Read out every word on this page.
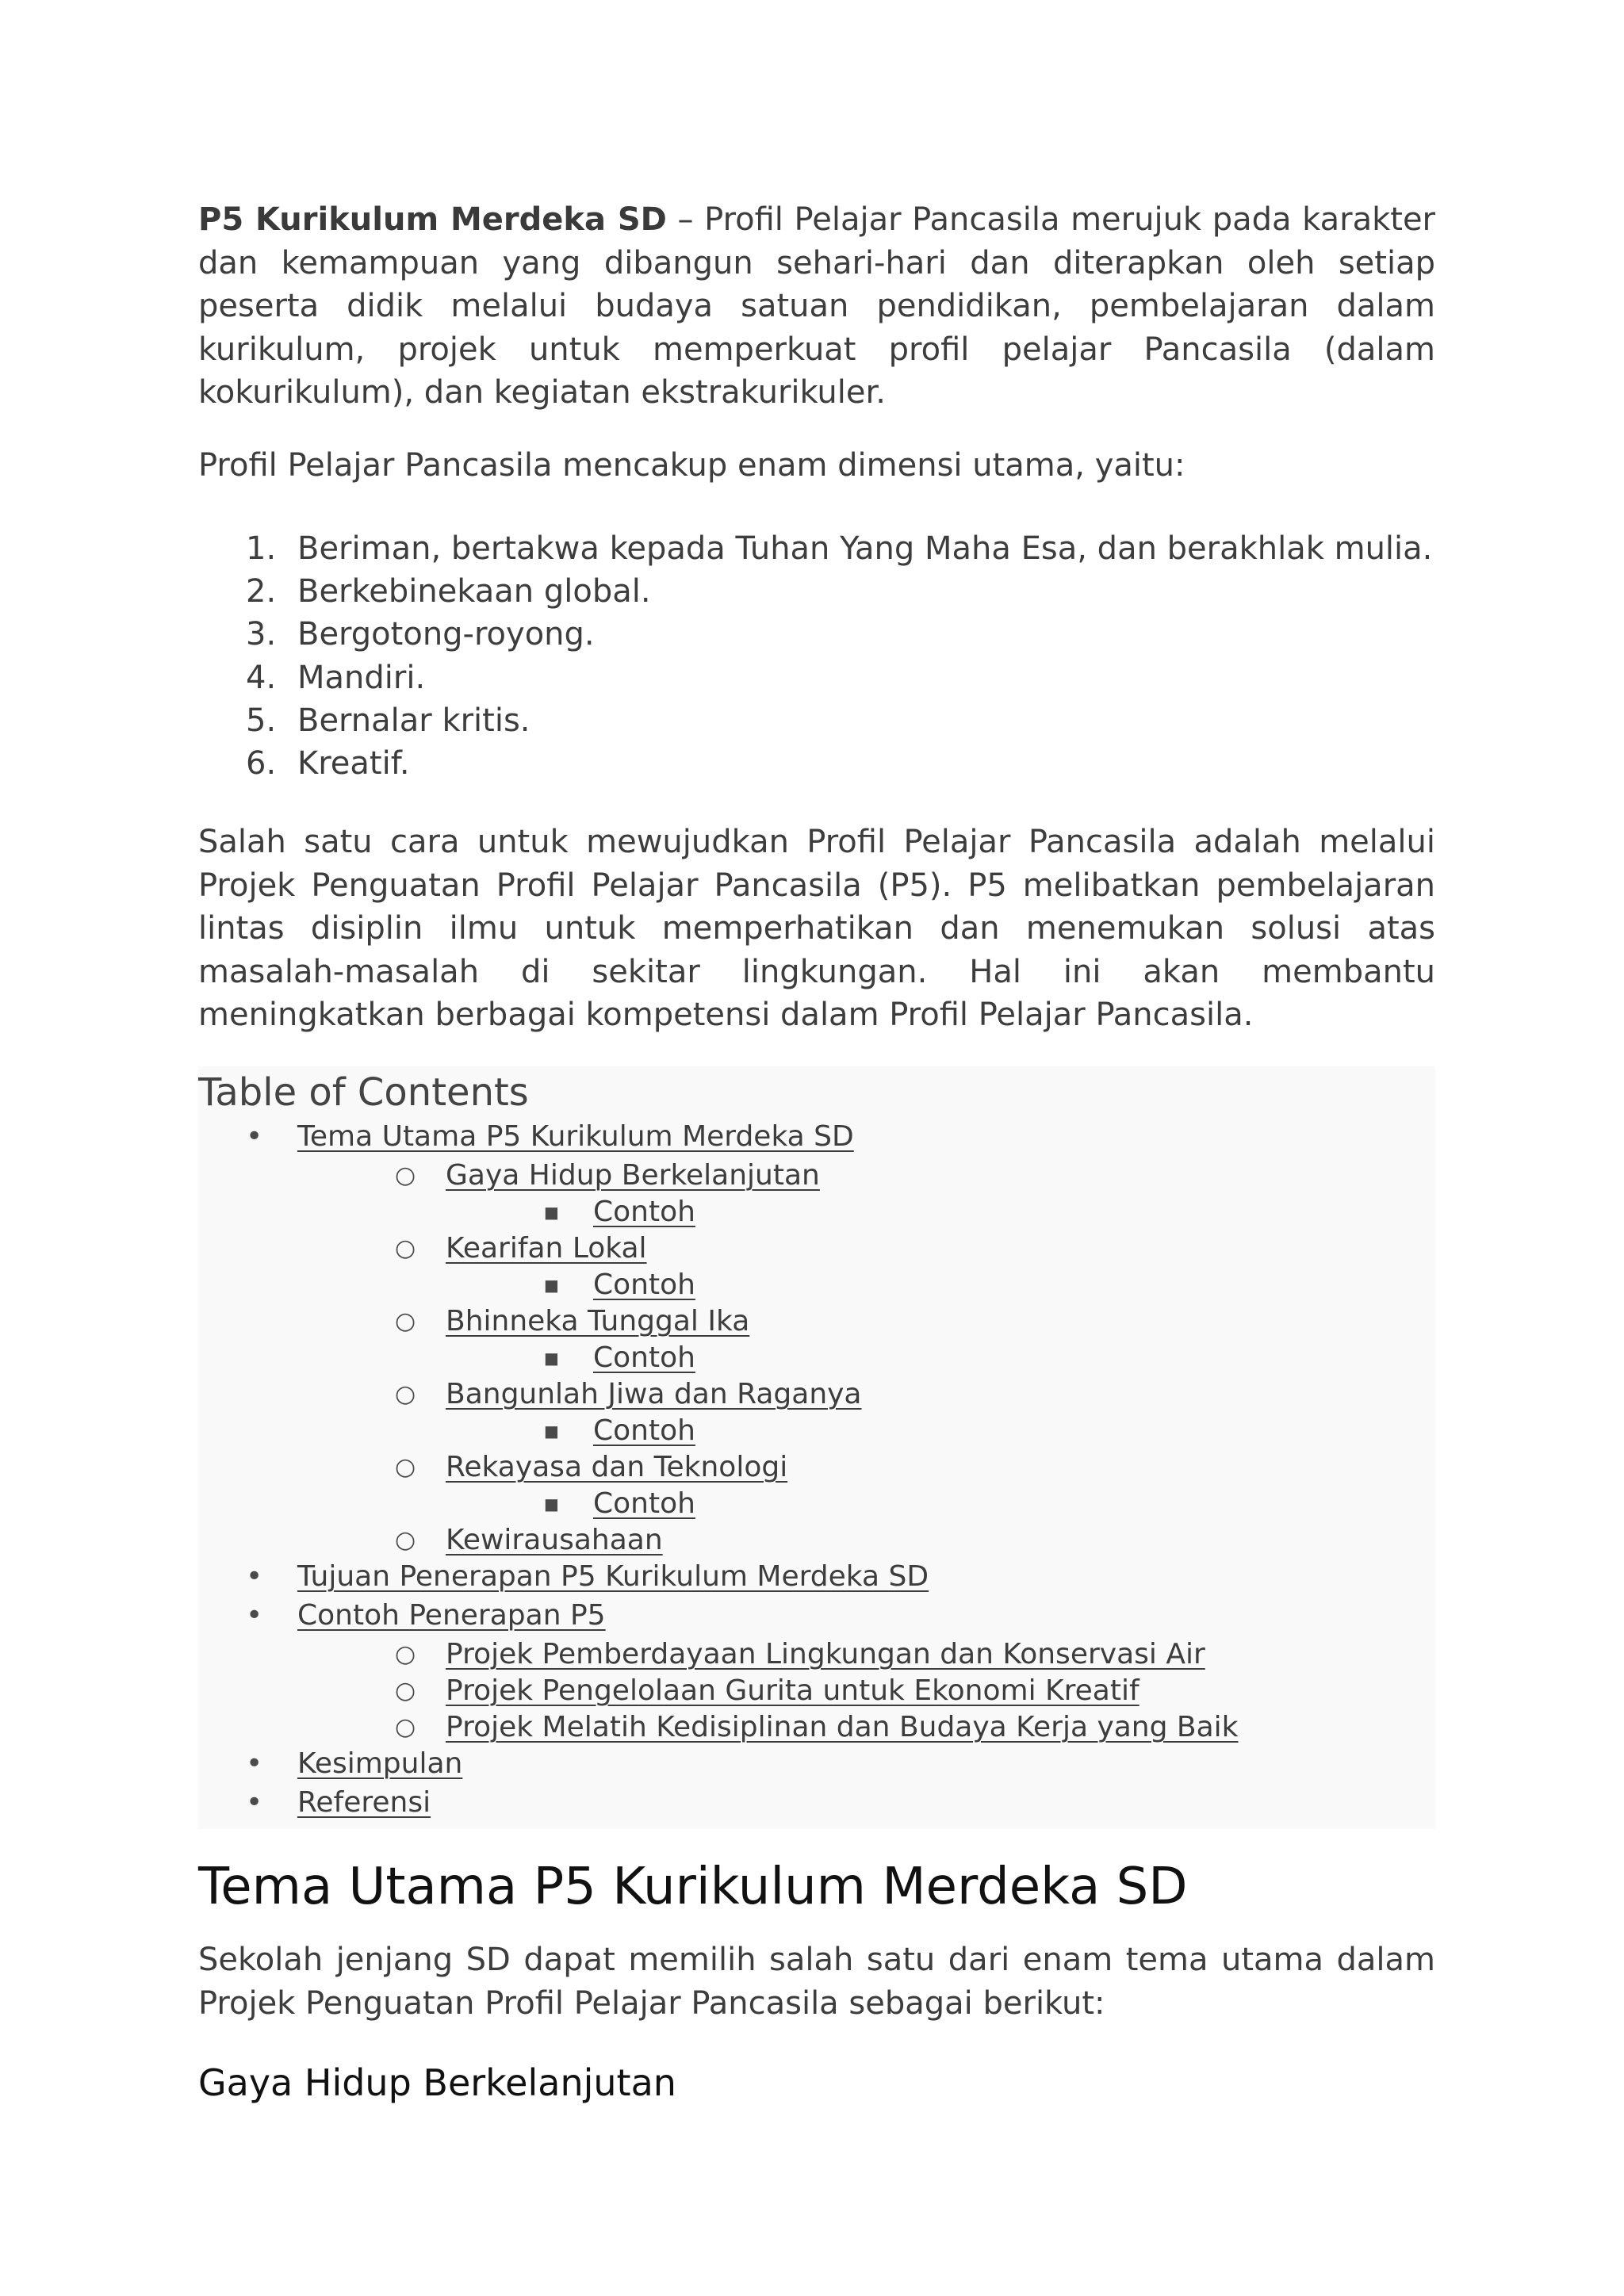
P5 Kurikulum Merdeka SD – Profil Pelajar Pancasila merujuk pada karakter dan kemampuan yang dibangun sehari-hari dan diterapkan oleh setiap peserta didik melalui budaya satuan pendidikan, pembelajaran dalam kurikulum, projek untuk memperkuat profil pelajar Pancasila (dalam kokurikulum), dan kegiatan ekstrakurikuler.

Profil Pelajar Pancasila mencakup enam dimensi utama, yaitu:

1. Beriman, bertakwa kepada Tuhan Yang Maha Esa, dan berakhlak mulia.
2. Berkebinekaan global.
3. Bergotong-royong.
4. Mandiri.
5. Bernalar kritis.
6. Kreatif.

Salah satu cara untuk mewujudkan Profil Pelajar Pancasila adalah melalui Projek Penguatan Profil Pelajar Pancasila (P5). P5 melibatkan pembelajaran lintas disiplin ilmu untuk memperhatikan dan menemukan solusi atas masalah-masalah di sekitar lingkungan. Hal ini akan membantu meningkatkan berbagai kompetensi dalam Profil Pelajar Pancasila.

Table of Contents
• Tema Utama P5 Kurikulum Merdeka SD
○ Gaya Hidup Berkelanjutan
■ Contoh
○ Kearifan Lokal
■ Contoh
○ Bhinneka Tunggal Ika
■ Contoh
○ Bangunlah Jiwa dan Raganya
■ Contoh
○ Rekayasa dan Teknologi
■ Contoh
○ Kewirausahaan
• Tujuan Penerapan P5 Kurikulum Merdeka SD
• Contoh Penerapan P5
○ Projek Pemberdayaan Lingkungan dan Konservasi Air
○ Projek Pengelolaan Gurita untuk Ekonomi Kreatif
○ Projek Melatih Kedisiplinan dan Budaya Kerja yang Baik
• Kesimpulan
• Referensi
Tema Utama P5 Kurikulum Merdeka SD

Sekolah jenjang SD dapat memilih salah satu dari enam tema utama dalam Projek Penguatan Profil Pelajar Pancasila sebagai berikut:

Gaya Hidup Berkelanjutan
